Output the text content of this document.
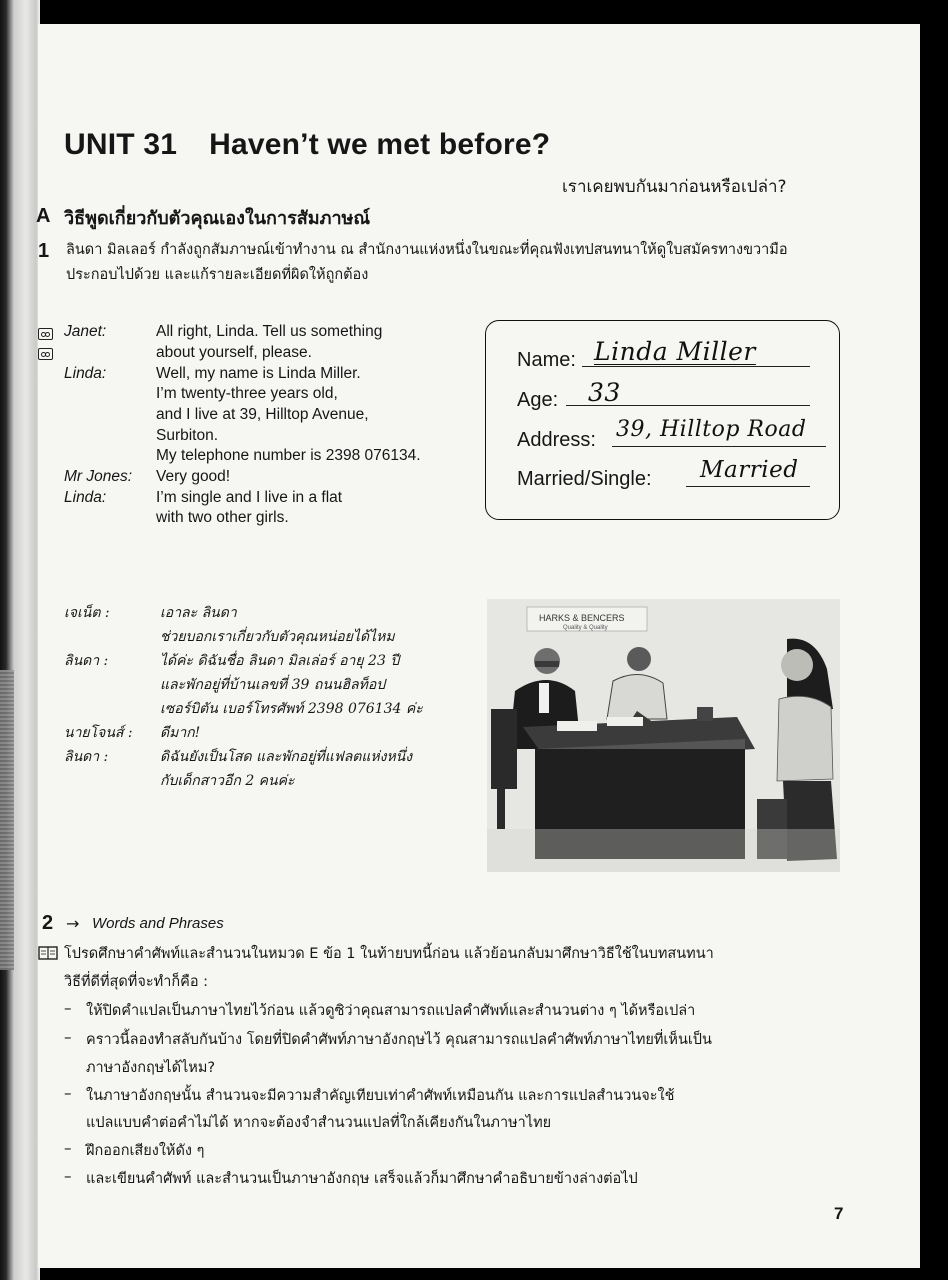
UNIT 31 Haven’t we met before?
เราเคยพบกันมาก่อนหรือเปล่า?
A วิธีพูดเกี่ยวกับตัวคุณเองในการสัมภาษณ์
1 ลินดา มิลเลอร์ กำลังถูกสัมภาษณ์เข้าทำงาน ณ สำนักงานแห่งหนึ่งในขณะที่คุณฟังเทปสนทนาให้ดูใบสมัครทางขวามือ
ประกอบไปด้วย และแก้รายละเอียดที่ผิดให้ถูกต้อง
Janet:
Linda:
Mr Jones:
Linda:
All right, Linda. Tell us something
about yourself, please.
Well, my name is Linda Miller.
I’m twenty-three years old,
and I live at 39, Hilltop Avenue,
Surbiton.
My telephone number is 2398 076134.
Very good!
I’m single and I live in a flat
with two other girls.
Name: Linda Miller
Age: 33
Address: 39, Hilltop Road
Married/Single: Married
เจเน็ต :
ลินดา :
นายโจนส์ :
ลินดา :
เอาละ ลินดา
ช่วยบอกเราเกี่ยวกับตัวคุณหน่อยได้ไหม
ได้ค่ะ ดิฉันชื่อ ลินดา มิลเล่อร์ อายุ 23 ปี
และพักอยู่ที่บ้านเลขที่ 39 ถนนฮิลท็อป
เซอร์บิตัน เบอร์โทรศัพท์ 2398 076134 ค่ะ
ดีมาก!
ดิฉันยังเป็นโสด และพักอยู่ที่แฟลตแห่งหนึ่ง
กับเด็กสาวอีก 2 คนค่ะ
HARKS & BENCERS
Quality & Quality
2 → Words and Phrases
โปรดศึกษาคำศัพท์และสำนวนในหมวด E ข้อ 1 ในท้ายบทนี้ก่อน แล้วย้อนกลับมาศึกษาวิธีใช้ในบทสนทนา
วิธีที่ดีที่สุดที่จะทำก็คือ :
– ให้ปิดคำแปลเป็นภาษาไทยไว้ก่อน แล้วดูซิว่าคุณสามารถแปลคำศัพท์และสำนวนต่าง ๆ ได้หรือเปล่า
– คราวนี้ลองทำสลับกันบ้าง โดยที่ปิดคำศัพท์ภาษาอังกฤษไว้ คุณสามารถแปลคำศัพท์ภาษาไทยที่เห็นเป็น
ภาษาอังกฤษได้ไหม?
– ในภาษาอังกฤษนั้น สำนวนจะมีความสำคัญเทียบเท่าคำศัพท์เหมือนกัน และการแปลสำนวนจะใช้
แปลแบบคำต่อคำไม่ได้ หากจะต้องจำสำนวนแปลที่ใกล้เคียงกันในภาษาไทย
– ฝึกออกเสียงให้ดัง ๆ
– และเขียนคำศัพท์ และสำนวนเป็นภาษาอังกฤษ เสร็จแล้วก็มาศึกษาคำอธิบายข้างล่างต่อไป
7
